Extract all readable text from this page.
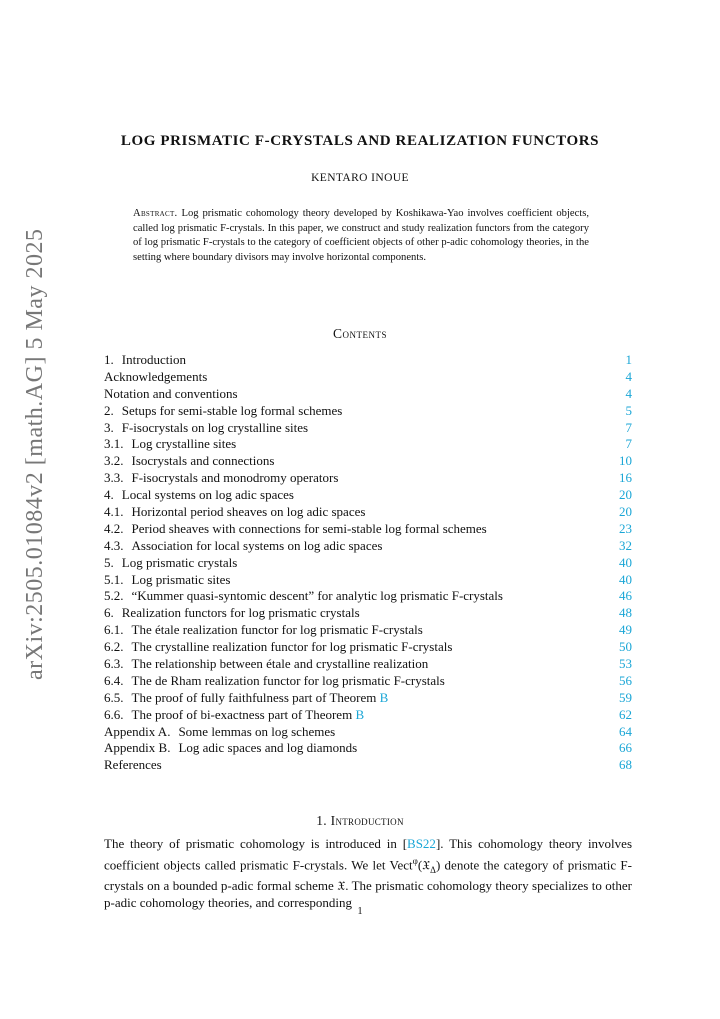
arXiv:2505.01084v2 [math.AG] 5 May 2025
LOG PRISMATIC F-CRYSTALS AND REALIZATION FUNCTORS
KENTARO INOUE
Abstract. Log prismatic cohomology theory developed by Koshikawa-Yao involves coefficient objects, called log prismatic F-crystals. In this paper, we construct and study realization functors from the category of log prismatic F-crystals to the category of coefficient objects of other p-adic cohomology theories, in the setting where boundary divisors may involve horizontal components.
Contents
1. Introduction	1
Acknowledgements	4
Notation and conventions	4
2. Setups for semi-stable log formal schemes	5
3. F-isocrystals on log crystalline sites	7
3.1. Log crystalline sites	7
3.2. Isocrystals and connections	10
3.3. F-isocrystals and monodromy operators	16
4. Local systems on log adic spaces	20
4.1. Horizontal period sheaves on log adic spaces	20
4.2. Period sheaves with connections for semi-stable log formal schemes	23
4.3. Association for local systems on log adic spaces	32
5. Log prismatic crystals	40
5.1. Log prismatic sites	40
5.2. “Kummer quasi-syntomic descent” for analytic log prismatic F-crystals	46
6. Realization functors for log prismatic crystals	48
6.1. The étale realization functor for log prismatic F-crystals	49
6.2. The crystalline realization functor for log prismatic F-crystals	50
6.3. The relationship between étale and crystalline realization	53
6.4. The de Rham realization functor for log prismatic F-crystals	56
6.5. The proof of fully faithfulness part of Theorem B	59
6.6. The proof of bi-exactness part of Theorem B	62
Appendix A. Some lemmas on log schemes	64
Appendix B. Log adic spaces and log diamonds	66
References	68
1. Introduction
The theory of prismatic cohomology is introduced in [BS22]. This cohomology theory involves coefficient objects called prismatic F-crystals. We let Vect$^\varphi$(𝔛$_\Delta$) denote the category of prismatic F-crystals on a bounded p-adic formal scheme 𝔛. The prismatic cohomology theory specializes to other p-adic cohomology theories, and corresponding
1
